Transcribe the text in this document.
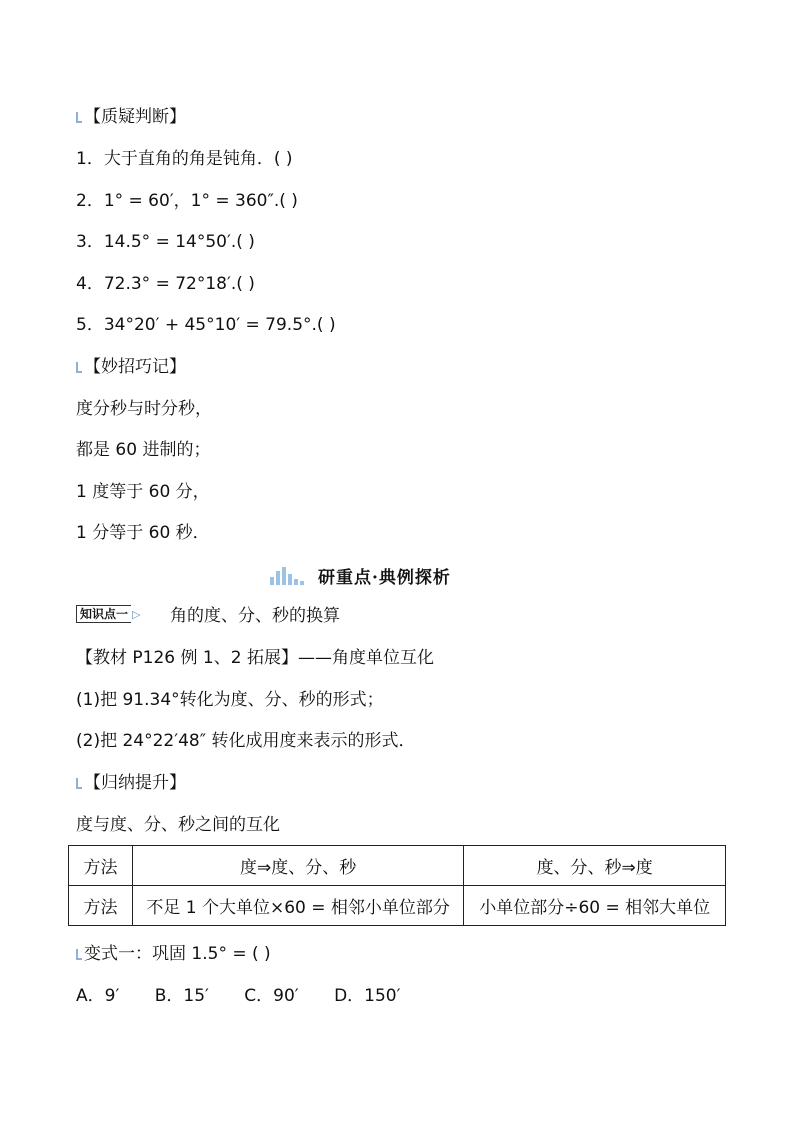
【质疑判断】
1．大于直角的角是钝角．( )
2．1° = 60′，1° = 360″.( )
3．14.5° = 14°50′.( )
4．72.3° = 72°18′.( )
5．34°20′ + 45°10′ = 79.5°.( )
【妙招巧记】
度分秒与时分秒，
都是 60 进制的；
1 度等于 60 分，
1 分等于 60 秒．
研重点·典例探析
知识点一 ▷ 角的度、分、秒的换算
【教材 P126 例 1、2 拓展】——角度单位互化
(1)把 91.34°转化为度、分、秒的形式；
(2)把 24°22′48″ 转化成用度来表示的形式．
【归纳提升】
度与度、分、秒之间的互化
方法	度⇒度、分、秒	度、分、秒⇒度
方法	不足 1 个大单位×60 = 相邻小单位部分	小单位部分÷60 = 相邻大单位
变式一：巩固 1.5° = ( )
A．9′ B．15′ C．90′ D．150′
